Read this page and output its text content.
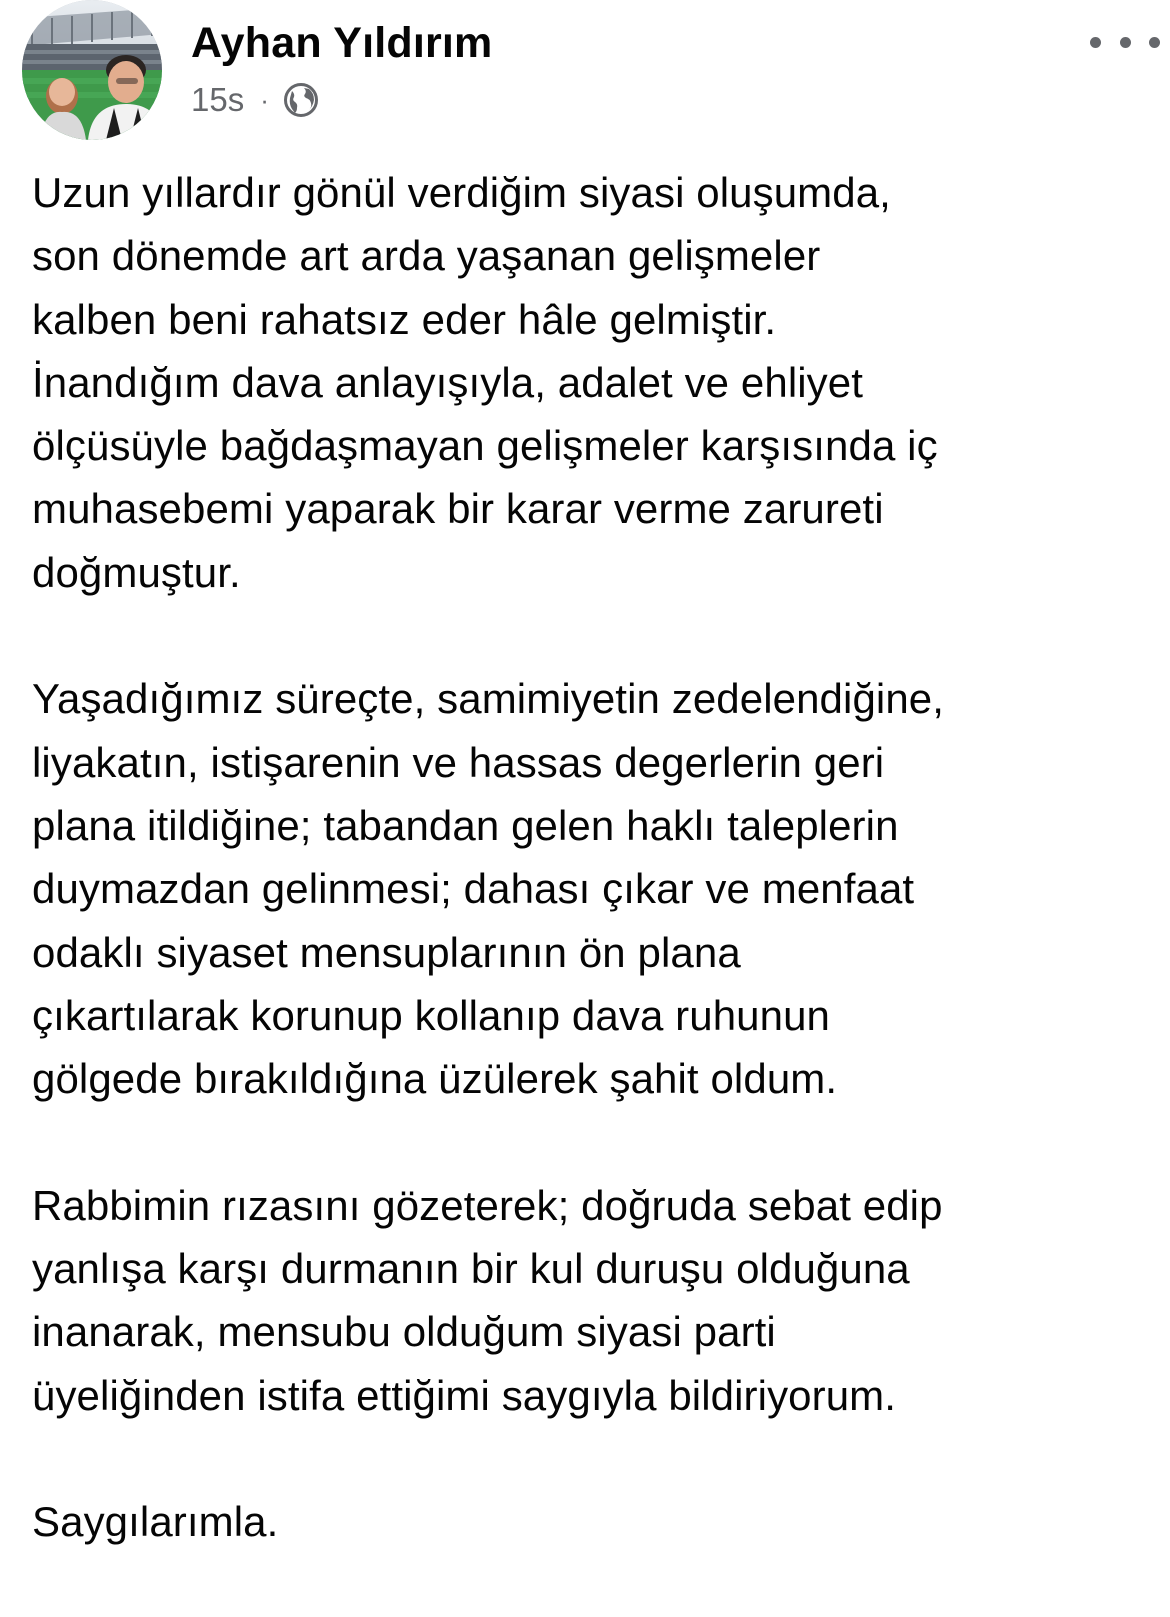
Ayhan Yıldırım
15s ·
Uzun yıllardır gönül verdiğim siyasi oluşumda,
son dönemde art arda yaşanan gelişmeler
kalben beni rahatsız eder hâle gelmiştir.
İnandığım dava anlayışıyla, adalet ve ehliyet
ölçüsüyle bağdaşmayan gelişmeler karşısında iç
muhasebemi yaparak bir karar verme zarureti
doğmuştur.
Yaşadığımız süreçte, samimiyetin zedelendiğine,
liyakatın, istişarenin ve hassas degerlerin geri
plana itildiğine; tabandan gelen haklı taleplerin
duymazdan gelinmesi; dahası çıkar ve menfaat
odaklı siyaset mensuplarının ön plana
çıkartılarak korunup kollanıp dava ruhunun
gölgede bırakıldığına üzülerek şahit oldum.
Rabbimin rızasını gözeterek; doğruda sebat edip
yanlışa karşı durmanın bir kul duruşu olduğuna
inanarak, mensubu olduğum siyasi parti
üyeliğinden istifa ettiğimi saygıyla bildiriyorum.
Saygılarımla.
